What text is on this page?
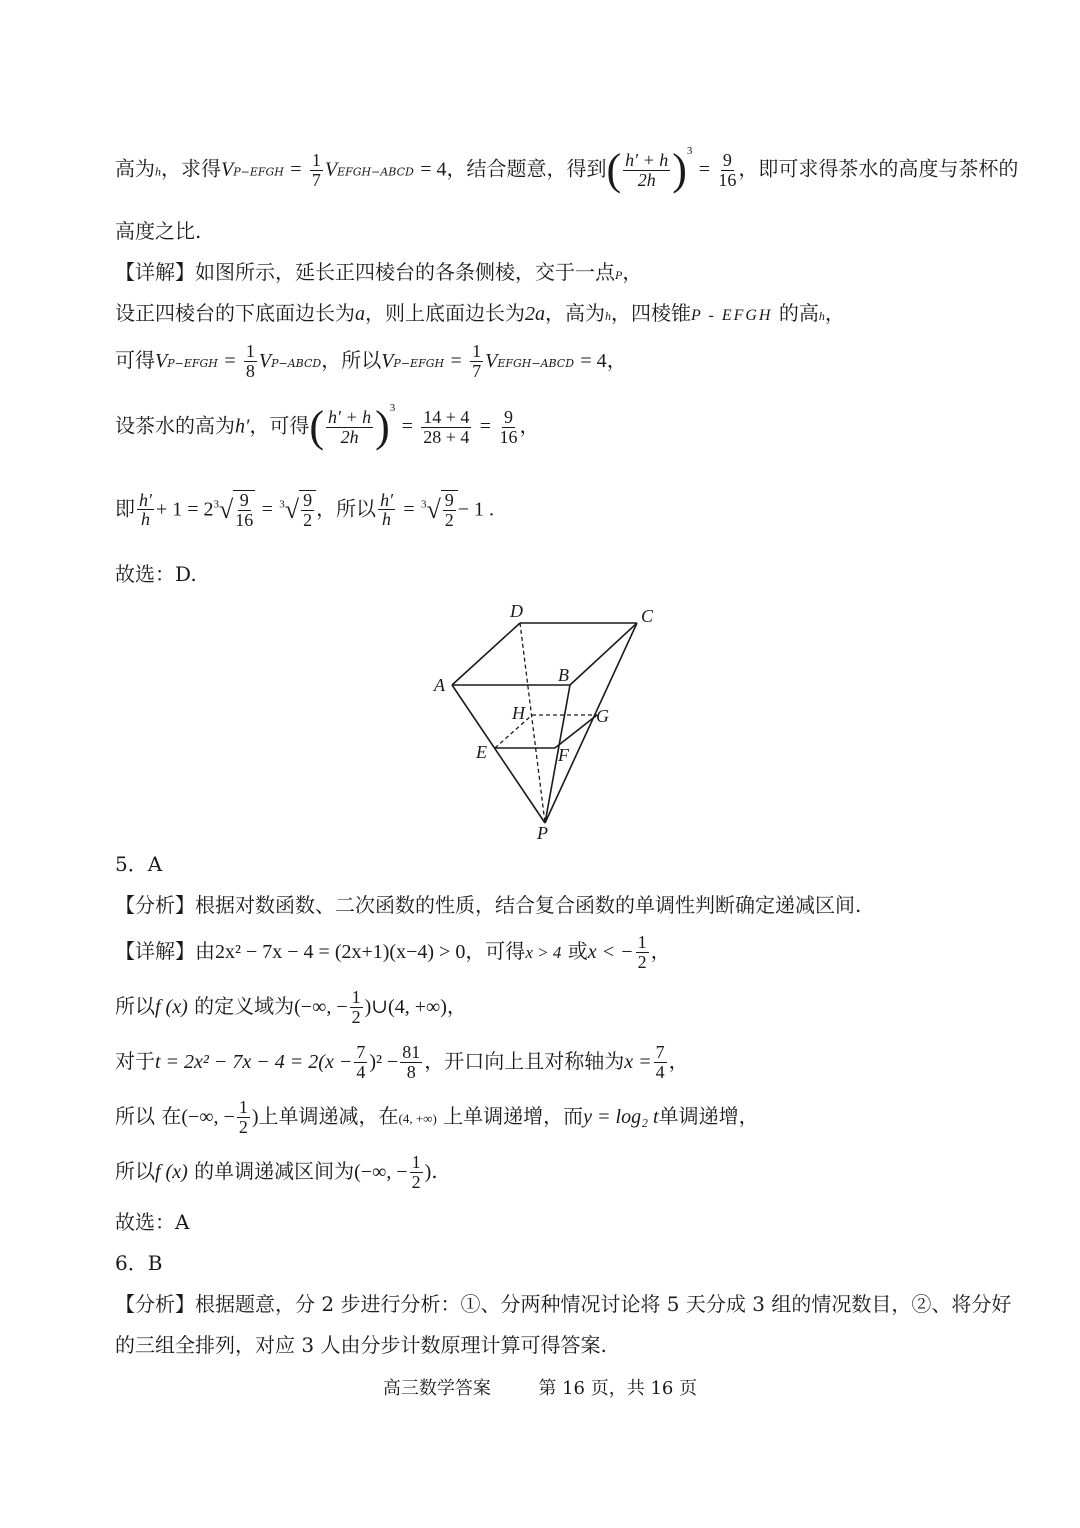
高为h，求得VP−EFGH = $\frac{1}{7}$ VEFGH−ABCD = 4，结合题意，得到( $\frac{h' + h}{2h} )^3 = \frac{9}{16}$ ，即可求得茶水的高度与茶杯的
高度之比.
【详解】如图所示，延长正四棱台的各条侧棱，交于一点P，
设正四棱台的下底面边长为a，则上底面边长为2a，高为h，四棱锥P - EFGH 的高h，
可得VP−EFGH = $\frac{1}{8}$ VP−ABCD，所以VP−EFGH = $\frac{1}{7}$ VEFGH−ABCD = 4，
设茶水的高为h′，可得( $\frac{h' + h}{2h} )^3 = \frac{14 + 4}{28 + 4} = \frac{9}{16}$ ，
即 $\frac{h'}{h} + 1 = 2^3√ \frac{9}{16} = ^3√ \frac{9}{2}$ ，所以 $\frac{h'}{h} = ^3√ \frac{9}{2} - 1$ .
故选：D.
D	C
A	B
H	G
E	F
P
5．A
【分析】根据对数函数、二次函数的性质，结合复合函数的单调性判断确定递减区间.
【详解】由2x² − 7x − 4 = (2x+1)(x−4) > 0，可得x > 4 或x < − $\frac{1}{2}$ ，
所以f (x) 的定义域为(−∞, − $\frac{1}{2}$ )∪(4, +∞)，
对于$t = 2x^2 - 7x - 4 = 2(x - \frac{7}{4} )^2 - \frac{81}{8}$ ，开口向上且对称轴为$x = \frac{7}{4}$ ，
所以 在(−∞, − $\frac{1}{2}$ )上单调递减，在(4, +∞) 上单调递增，而y = log₂ t单调递增，
所以f (x) 的单调递减区间为(−∞, − $\frac{1}{2}$ ).
故选：A
6．B
【分析】根据题意，分 2 步进行分析：①、分两种情况讨论将 5 天分成 3 组的情况数目，②、将分好
的三组全排列，对应 3 人由分步计数原理计算可得答案.
高三数学答案	第 16 页，共 16 页
